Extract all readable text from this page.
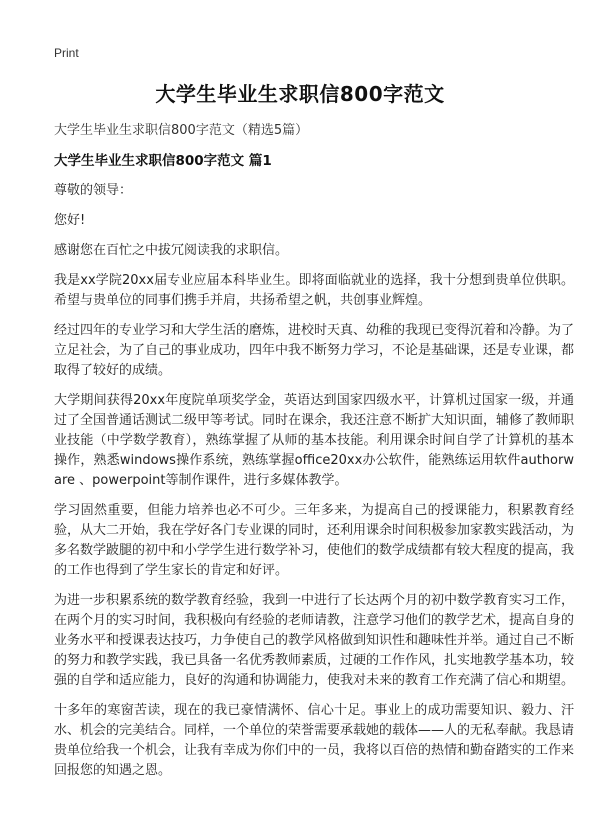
Print
大学生毕业生求职信800字范文
大学生毕业生求职信800字范文（精选5篇）
大学生毕业生求职信800字范文 篇1

尊敬的领导：

您好!

感谢您在百忙之中拔冗阅读我的求职信。

我是xx学院20xx届专业应届本科毕业生。即将面临就业的选择，我十分想到贵单位供职。希望与贵单位的同事们携手并肩，共扬希望之帆，共创事业辉煌。

经过四年的专业学习和大学生活的磨炼，进校时天真、幼稚的我现已变得沉着和冷静。为了立足社会，为了自己的事业成功，四年中我不断努力学习，不论是基础课，还是专业课，都取得了较好的成绩。

大学期间获得20xx年度院单项奖学金，英语达到国家四级水平，计算机过国家一级，并通过了全国普通话测试二级甲等考试。同时在课余，我还注意不断扩大知识面，辅修了教师职业技能（中学数学教育），熟练掌握了从师的基本技能。利用课余时间自学了计算机的基本操作，熟悉windows操作系统，熟练掌握office20xx办公软件，能熟练运用软件authorware 、powerpoint等制作课件，进行多媒体教学。

学习固然重要，但能力培养也必不可少。三年多来，为提高自己的授课能力，积累教育经验，从大二开始，我在学好各门专业课的同时，还利用课余时间积极参加家教实践活动，为多名数学跛腿的初中和小学学生进行数学补习，使他们的数学成绩都有较大程度的提高，我的工作也得到了学生家长的肯定和好评。

为进一步积累系统的数学教育经验，我到一中进行了长达两个月的初中数学教育实习工作，在两个月的实习时间，我积极向有经验的老师请教，注意学习他们的教学艺术，提高自身的业务水平和授课表达技巧，力争使自己的教学风格做到知识性和趣味性并举。通过自己不断的努力和教学实践，我已具备一名优秀教师素质，过硬的工作作风，扎实地教学基本功，较强的自学和适应能力，良好的沟通和协调能力，使我对未来的教育工作充满了信心和期望。

十多年的寒窗苦读，现在的我已豪情满怀、信心十足。事业上的成功需要知识、毅力、汗水、机会的完美结合。同样，一个单位的荣誉需要承载她的载体——人的无私奉献。我恳请贵单位给我一个机会，让我有幸成为你们中的一员，我将以百倍的热情和勤奋踏实的工作来回报您的知遇之恩。
